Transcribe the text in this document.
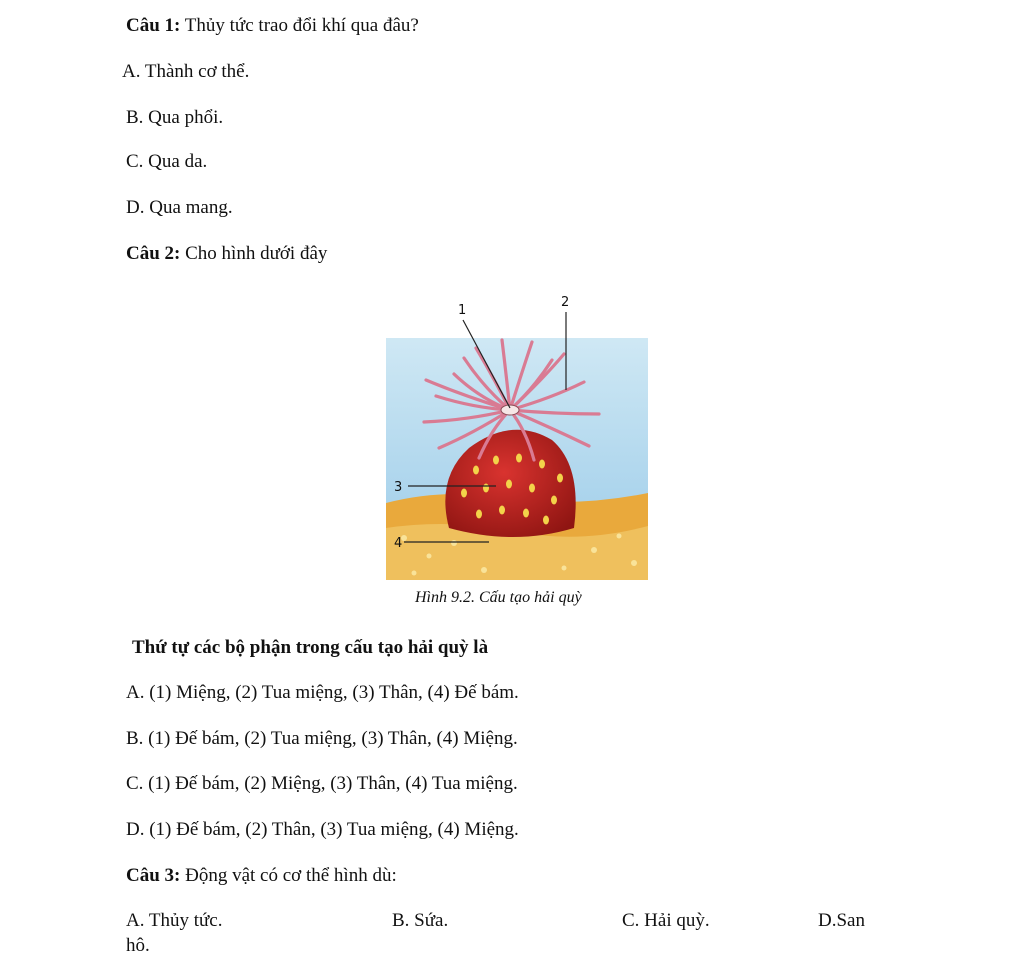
Câu 1: Thủy tức trao đổi khí qua đâu?
A. Thành cơ thể.
B. Qua phổi.
C. Qua da.
D. Qua mang.
Câu 2: Cho hình dưới đây
1
2
3
4
Hình 9.2. Cấu tạo hải quỳ
Thứ tự các bộ phận trong cấu tạo hải quỳ là
A. (1) Miệng, (2) Tua miệng, (3) Thân, (4) Đế bám.
B. (1) Đế bám, (2) Tua miệng, (3) Thân, (4) Miệng.
C. (1) Đế bám, (2) Miệng, (3) Thân, (4) Tua miệng.
D. (1) Đế bám, (2) Thân, (3) Tua miệng, (4) Miệng.
Câu 3: Động vật có cơ thể hình dù:
A. Thủy tức.	B. Sứa.	C. Hải quỳ.	D.San
hô.
